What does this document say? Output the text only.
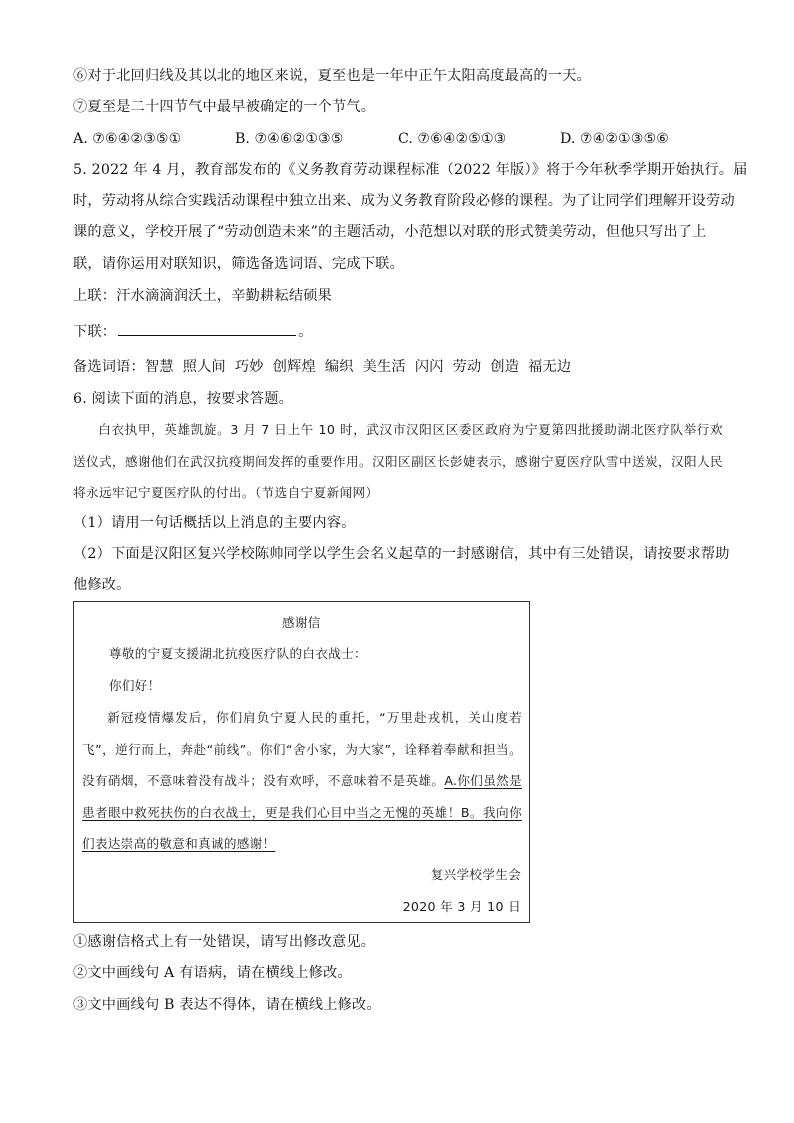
⑥对于北回归线及其以北的地区来说，夏至也是一年中正午太阳高度最高的一天。
⑦夏至是二十四节气中最早被确定的一个节气。
A. ⑦⑥④②③⑤①	B. ⑦④⑥②①③⑤	C. ⑦⑥④②⑤①③	D. ⑦④②①③⑤⑥
5. 2022 年 4 月，教育部发布的《义务教育劳动课程标准（2022 年版）》将于今年秋季学期开始执行。届
时，劳动将从综合实践活动课程中独立出来、成为义务教育阶段必修的课程。为了让同学们理解开设劳动
课的意义，学校开展了“劳动创造未来”的主题活动，小范想以对联的形式赞美劳动，但他只写出了上
联，请你运用对联知识，筛选备选词语、完成下联。
上联：汗水滴滴润沃土，辛勤耕耘结硕果
下联：	。
备选词语：智慧 照人间 巧妙 创辉煌 编织 美生活 闪闪 劳动 创造 福无边
6. 阅读下面的消息，按要求答题。
白衣执甲，英雄凯旋。3 月 7 日上午 10 时，武汉市汉阳区区委区政府为宁夏第四批援助湖北医疗队举行欢送仪式，感谢他们在武汉抗疫期间发挥的重要作用。汉阳区副区长彭婕表示，感谢宁夏医疗队雪中送炭，汉阳人民将永远牢记宁夏医疗队的付出。（节选自宁夏新闻网）
（1）请用一句话概括以上消息的主要内容。
（2）下面是汉阳区复兴学校陈帅同学以学生会名义起草的一封感谢信，其中有三处错误，请按要求帮助
他修改。
感谢信
尊敬的宁夏支援湖北抗疫医疗队的白衣战士：
你们好！
新冠疫情爆发后，你们肩负宁夏人民的重托，“万里赴戎机，关山度若飞”，逆行而上，奔赴“前线”。你们“舍小家，为大家”，诠释着奉献和担当。没有硝烟，不意味着没有战斗；没有欢呼，不意味着不是英雄。A.你们虽然是患者眼中救死扶伤的白衣战士，更是我们心目中当之无愧的英雄！B。我向你们表达崇高的敬意和真诚的感谢！
复兴学校学生会
2020 年 3 月 10 日
①感谢信格式上有一处错误，请写出修改意见。
②文中画线句 A 有语病，请在横线上修改。
③文中画线句 B 表达不得体，请在横线上修改。
